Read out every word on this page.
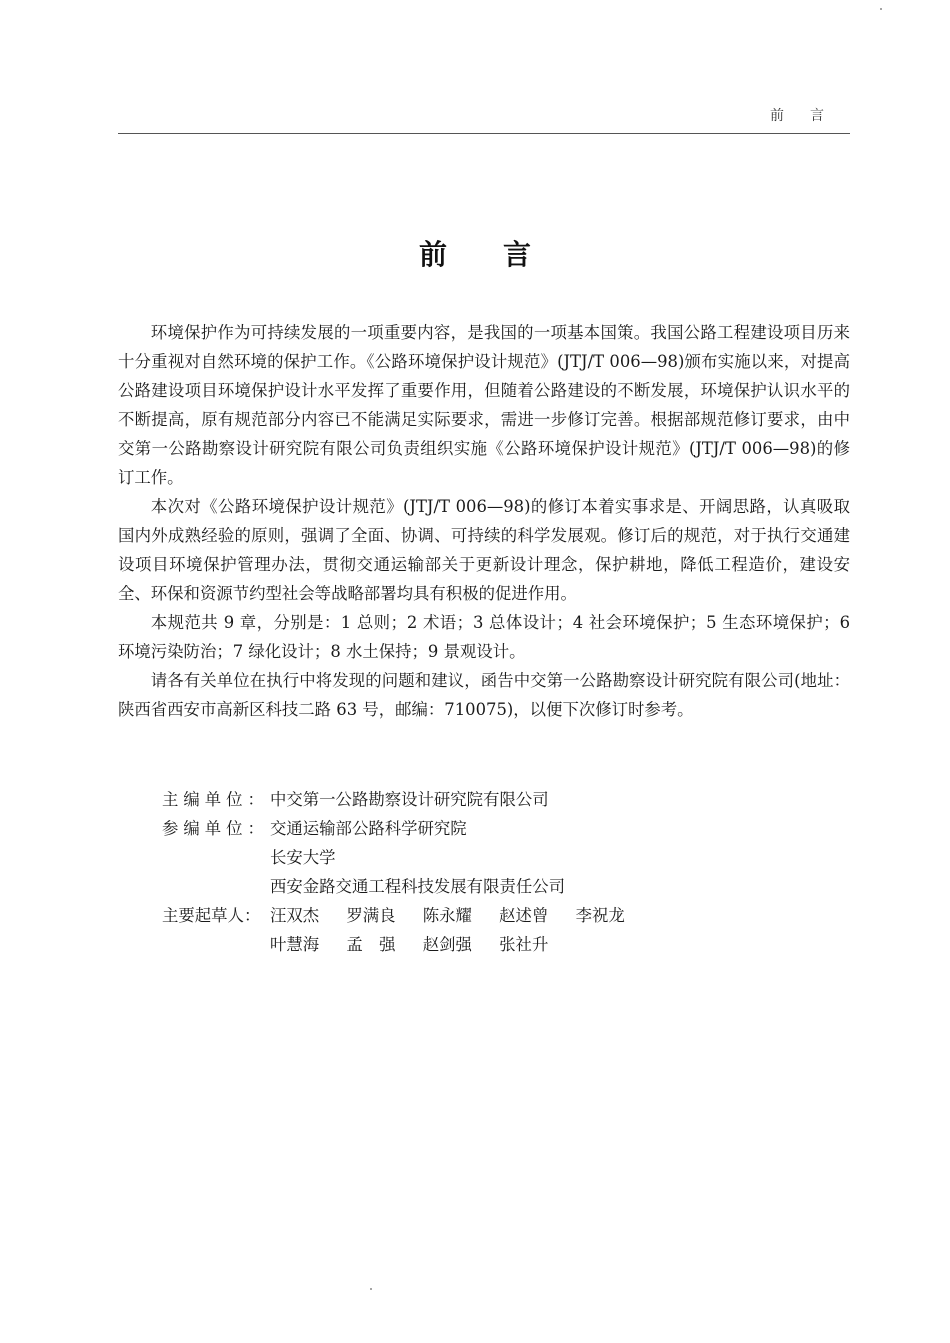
前言
前言

环境保护作为可持续发展的一项重要内容，是我国的一项基本国策。我国公路工程建设项目历来十分重视对自然环境的保护工作。《公路环境保护设计规范》(JTJ/T 006—98)颁布实施以来，对提高公路建设项目环境保护设计水平发挥了重要作用，但随着公路建设的不断发展，环境保护认识水平的不断提高，原有规范部分内容已不能满足实际要求，需进一步修订完善。根据部规范修订要求，由中交第一公路勘察设计研究院有限公司负责组织实施《公路环境保护设计规范》(JTJ/T 006—98)的修订工作。

本次对《公路环境保护设计规范》(JTJ/T 006—98)的修订本着实事求是、开阔思路，认真吸取国内外成熟经验的原则，强调了全面、协调、可持续的科学发展观。修订后的规范，对于执行交通建设项目环境保护管理办法，贯彻交通运输部关于更新设计理念，保护耕地，降低工程造价，建设安全、环保和资源节约型社会等战略部署均具有积极的促进作用。

本规范共 9 章，分别是：1 总则；2 术语；3 总体设计；4 社会环境保护；5 生态环境保护；6 环境污染防治；7 绿化设计；8 水土保持；9 景观设计。

请各有关单位在执行中将发现的问题和建议，函告中交第一公路勘察设计研究院有限公司(地址：陕西省西安市高新区科技二路 63 号，邮编：710075)，以便下次修订时参考。

主编单位： 中交第一公路勘察设计研究院有限公司
参编单位： 交通运输部公路科学研究院
长安大学
西安金路交通工程科技发展有限责任公司
主要起草人： 汪双杰 罗满良 陈永耀 赵述曾 李祝龙
叶慧海 孟　强 赵剑强 张社升
